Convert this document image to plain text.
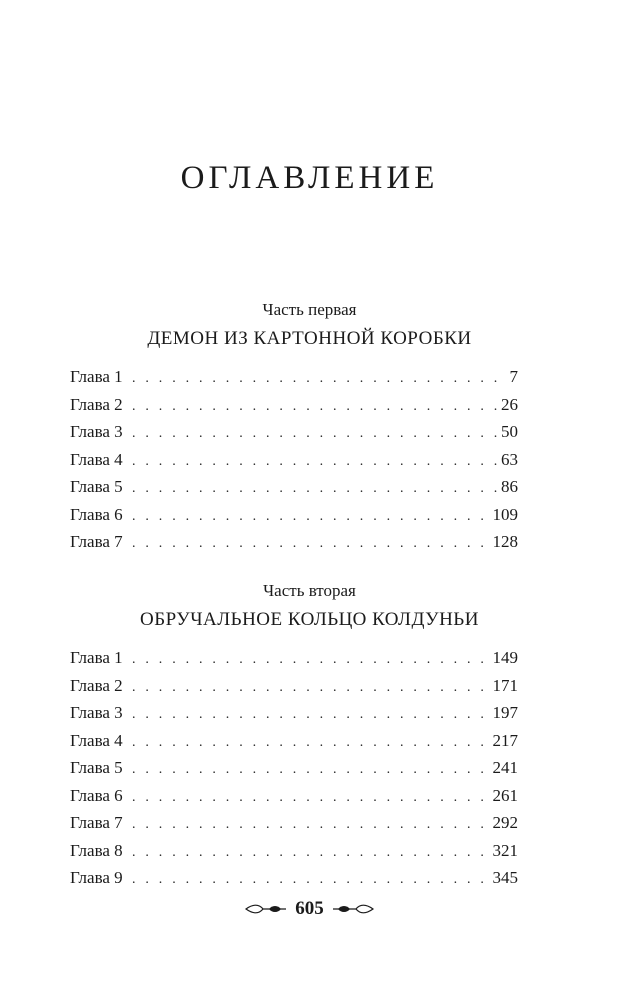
ОГЛАВЛЕНИЕ
Часть первая
ДЕМОН ИЗ КАРТОННОЙ КОРОБКИ
Глава 1 . . .	7
Глава 2 . . .	26
Глава 3 . . .	50
Глава 4 . . .	63
Глава 5 . . .	86
Глава 6 . . .	109
Глава 7 . . .	128
Часть вторая
ОБРУЧАЛЬНОЕ КОЛЬЦО КОЛДУНЬИ
Глава 1 . . .	149
Глава 2 . . .	171
Глава 3 . . .	197
Глава 4 . . .	217
Глава 5 . . .	241
Глава 6 . . .	261
Глава 7 . . .	292
Глава 8 . . .	321
Глава 9 . . .	345
605
